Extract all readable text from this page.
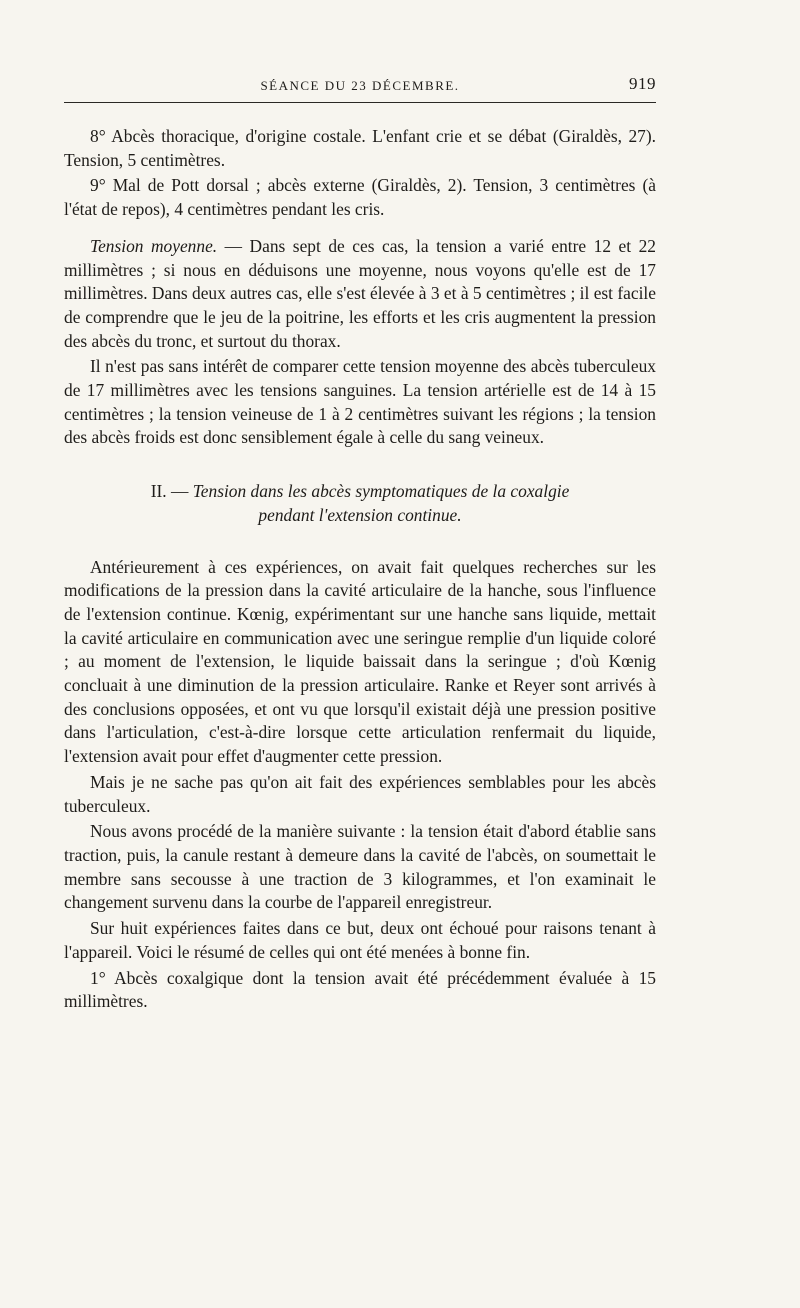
SÉANCE DU 23 DÉCEMBRE.	919

8° Abcès thoracique, d'origine costale. L'enfant crie et se débat (Giraldès, 27). Tension, 5 centimètres.

9° Mal de Pott dorsal ; abcès externe (Giraldès, 2). Tension, 3 centimètres (à l'état de repos), 4 centimètres pendant les cris.

Tension moyenne. — Dans sept de ces cas, la tension a varié entre 12 et 22 millimètres ; si nous en déduisons une moyenne, nous voyons qu'elle est de 17 millimètres. Dans deux autres cas, elle s'est élevée à 3 et à 5 centimètres ; il est facile de comprendre que le jeu de la poitrine, les efforts et les cris augmentent la pression des abcès du tronc, et surtout du thorax.

Il n'est pas sans intérêt de comparer cette tension moyenne des abcès tuberculeux de 17 millimètres avec les tensions sanguines. La tension artérielle est de 14 à 15 centimètres ; la tension veineuse de 1 à 2 centimètres suivant les régions ; la tension des abcès froids est donc sensiblement égale à celle du sang veineux.

II. — Tension dans les abcès symptomatiques de la coxalgie
pendant l'extension continue.

Antérieurement à ces expériences, on avait fait quelques recherches sur les modifications de la pression dans la cavité articulaire de la hanche, sous l'influence de l'extension continue. Kœnig, expérimentant sur une hanche sans liquide, mettait la cavité articulaire en communication avec une seringue remplie d'un liquide coloré ; au moment de l'extension, le liquide baissait dans la seringue ; d'où Kœnig concluait à une diminution de la pression articulaire. Ranke et Reyer sont arrivés à des conclusions opposées, et ont vu que lorsqu'il existait déjà une pression positive dans l'articulation, c'est-à-dire lorsque cette articulation renfermait du liquide, l'extension avait pour effet d'augmenter cette pression.

Mais je ne sache pas qu'on ait fait des expériences semblables pour les abcès tuberculeux.

Nous avons procédé de la manière suivante : la tension était d'abord établie sans traction, puis, la canule restant à demeure dans la cavité de l'abcès, on soumettait le membre sans secousse à une traction de 3 kilogrammes, et l'on examinait le changement survenu dans la courbe de l'appareil enregistreur.

Sur huit expériences faites dans ce but, deux ont échoué pour raisons tenant à l'appareil. Voici le résumé de celles qui ont été menées à bonne fin.

1° Abcès coxalgique dont la tension avait été précédemment évaluée à 15 millimètres.
